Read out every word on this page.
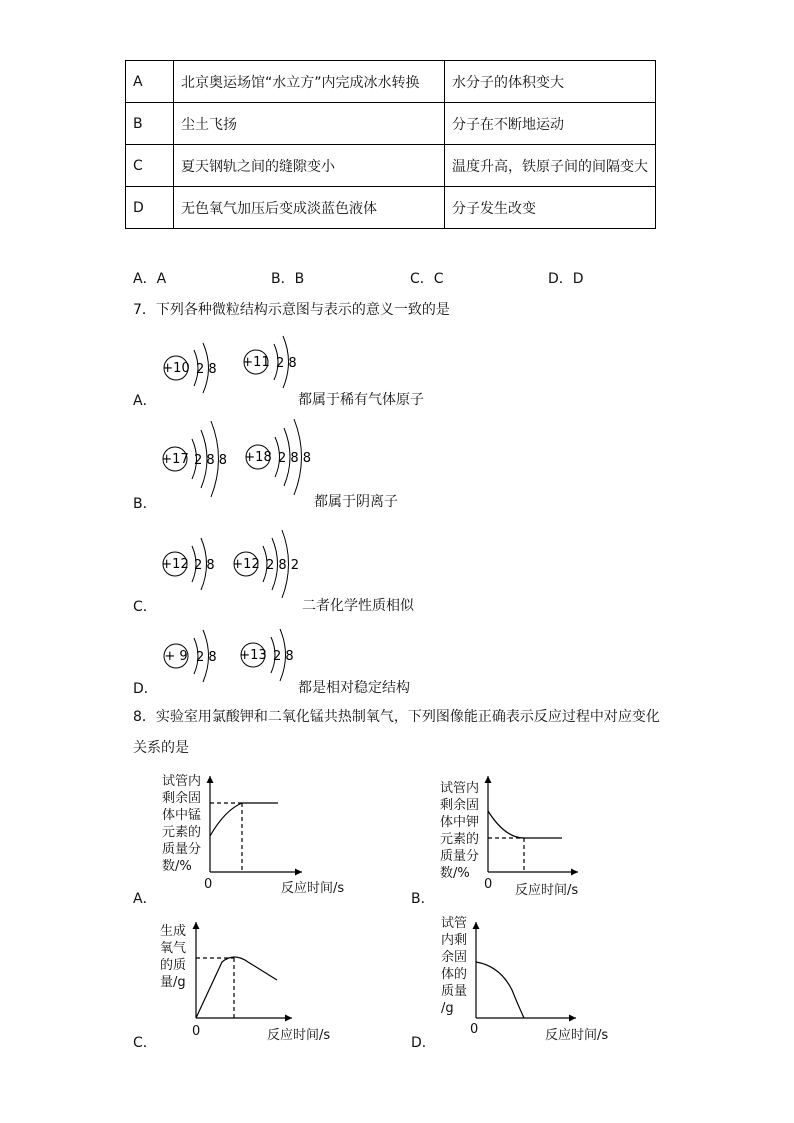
A	北京奥运场馆“水立方”内完成冰水转换	水分子的体积变大
B	尘土飞扬	分子在不断地运动
C	夏天钢轨之间的缝隙变小	温度升高，铁原子间的间隔变大
D	无色氧气加压后变成淡蓝色液体	分子发生改变
A．A	B．B	C．C	D．D
7．下列各种微粒结构示意图与表示的意义一致的是
+10 2 8 +11 2 8
+17 2 8 8 +18 2 8 8
+12 2 8 +12 2 8 2
+ 9 2 8 +13 2 8
A．	都属于稀有气体原子
B．	都属于阴离子
C．	二者化学性质相似
D．	都是相对稳定结构
8．实验室用氯酸钾和二氧化锰共热制氧气，下列图像能正确表示反应过程中对应变化
关系的是
试管内
剩余固
体中锰
元素的
质量分
数/%
0	反应时间/s
A．
试管内
剩余固
体中钾
元素的
质量分
数/%
0 反应时间/s
B．
生成
氧气
的质
量/g
0	反应时间/s
C．
试管
内剩
余固
体的
质量
/g
0	反应时间/s
D．
